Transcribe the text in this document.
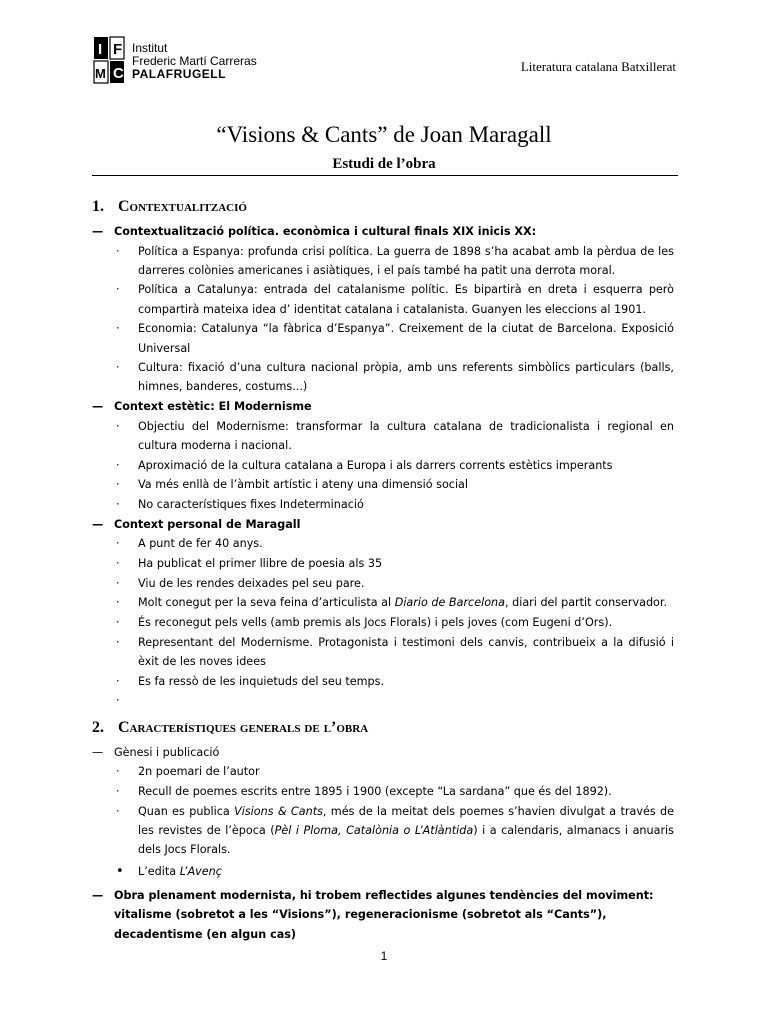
I F
M C
Institut
Frederic Martí Carreras
PALAFRUGELL	Literatura catalana Batxillerat
“Visions & Cants” de Joan Maragall
Estudi de l’obra
1. Contextualització

— Contextualització política. econòmica i cultural finals XIX inicis XX:

· Política a Espanya: profunda crisi política. La guerra de 1898 s’ha acabat amb la pèrdua de les darreres colònies americanes i asiàtiques, i el país també ha patit una derrota moral.
· Política a Catalunya: entrada del catalanisme polític. Es bipartirà en dreta i esquerra però compartirà mateixa idea d’ identitat catalana i catalanista. Guanyen les eleccions al 1901.
· Economia: Catalunya “la fàbrica d’Espanya”. Creixement de la ciutat de Barcelona. Exposició Universal
· Cultura: fixació d’una cultura nacional pròpia, amb uns referents simbòlics particulars (balls, himnes, banderes, costums...)

— Context estètic: El Modernisme

· Objectiu del Modernisme: transformar la cultura catalana de tradicionalista i regional en cultura moderna i nacional.
· Aproximació de la cultura catalana a Europa i als darrers corrents estètics imperants
· Va més enllà de l’àmbit artístic i ateny una dimensió social
· No característiques fixes Indeterminació

— Context personal de Maragall

· A punt de fer 40 anys.
· Ha publicat el primer llibre de poesia als 35
· Viu de les rendes deixades pel seu pare.
· Molt conegut per la seva feina d’articulista al Diario de Barcelona, diari del partit conservador.
· És reconegut pels vells (amb premis als Jocs Florals) i pels joves (com Eugeni d’Ors).
· Representant del Modernisme. Protagonista i testimoni dels canvis, contribueix a la difusió i èxit de les noves idees
· Es fa ressò de les inquietuds del seu temps.
·

2. Característiques generals de l’obra

— Gènesi i publicació

· 2n poemari de l’autor
· Recull de poemes escrits entre 1895 i 1900 (excepte “La sardana” que és del 1892).
· Quan es publica Visions & Cants, més de la meitat dels poemes s’havien divulgat a través de les revistes de l’època (Pèl i Ploma, Catalònia o L’Atlàntida) i a calendaris, almanacs i anuaris dels Jocs Florals.
• L’edita L’Avenç

— Obra plenament modernista, hi trobem reflectides algunes tendències del moviment: vitalisme (sobretot a les “Visions”), regeneracionisme (sobretot als “Cants”), decadentisme (en algun cas)

1
